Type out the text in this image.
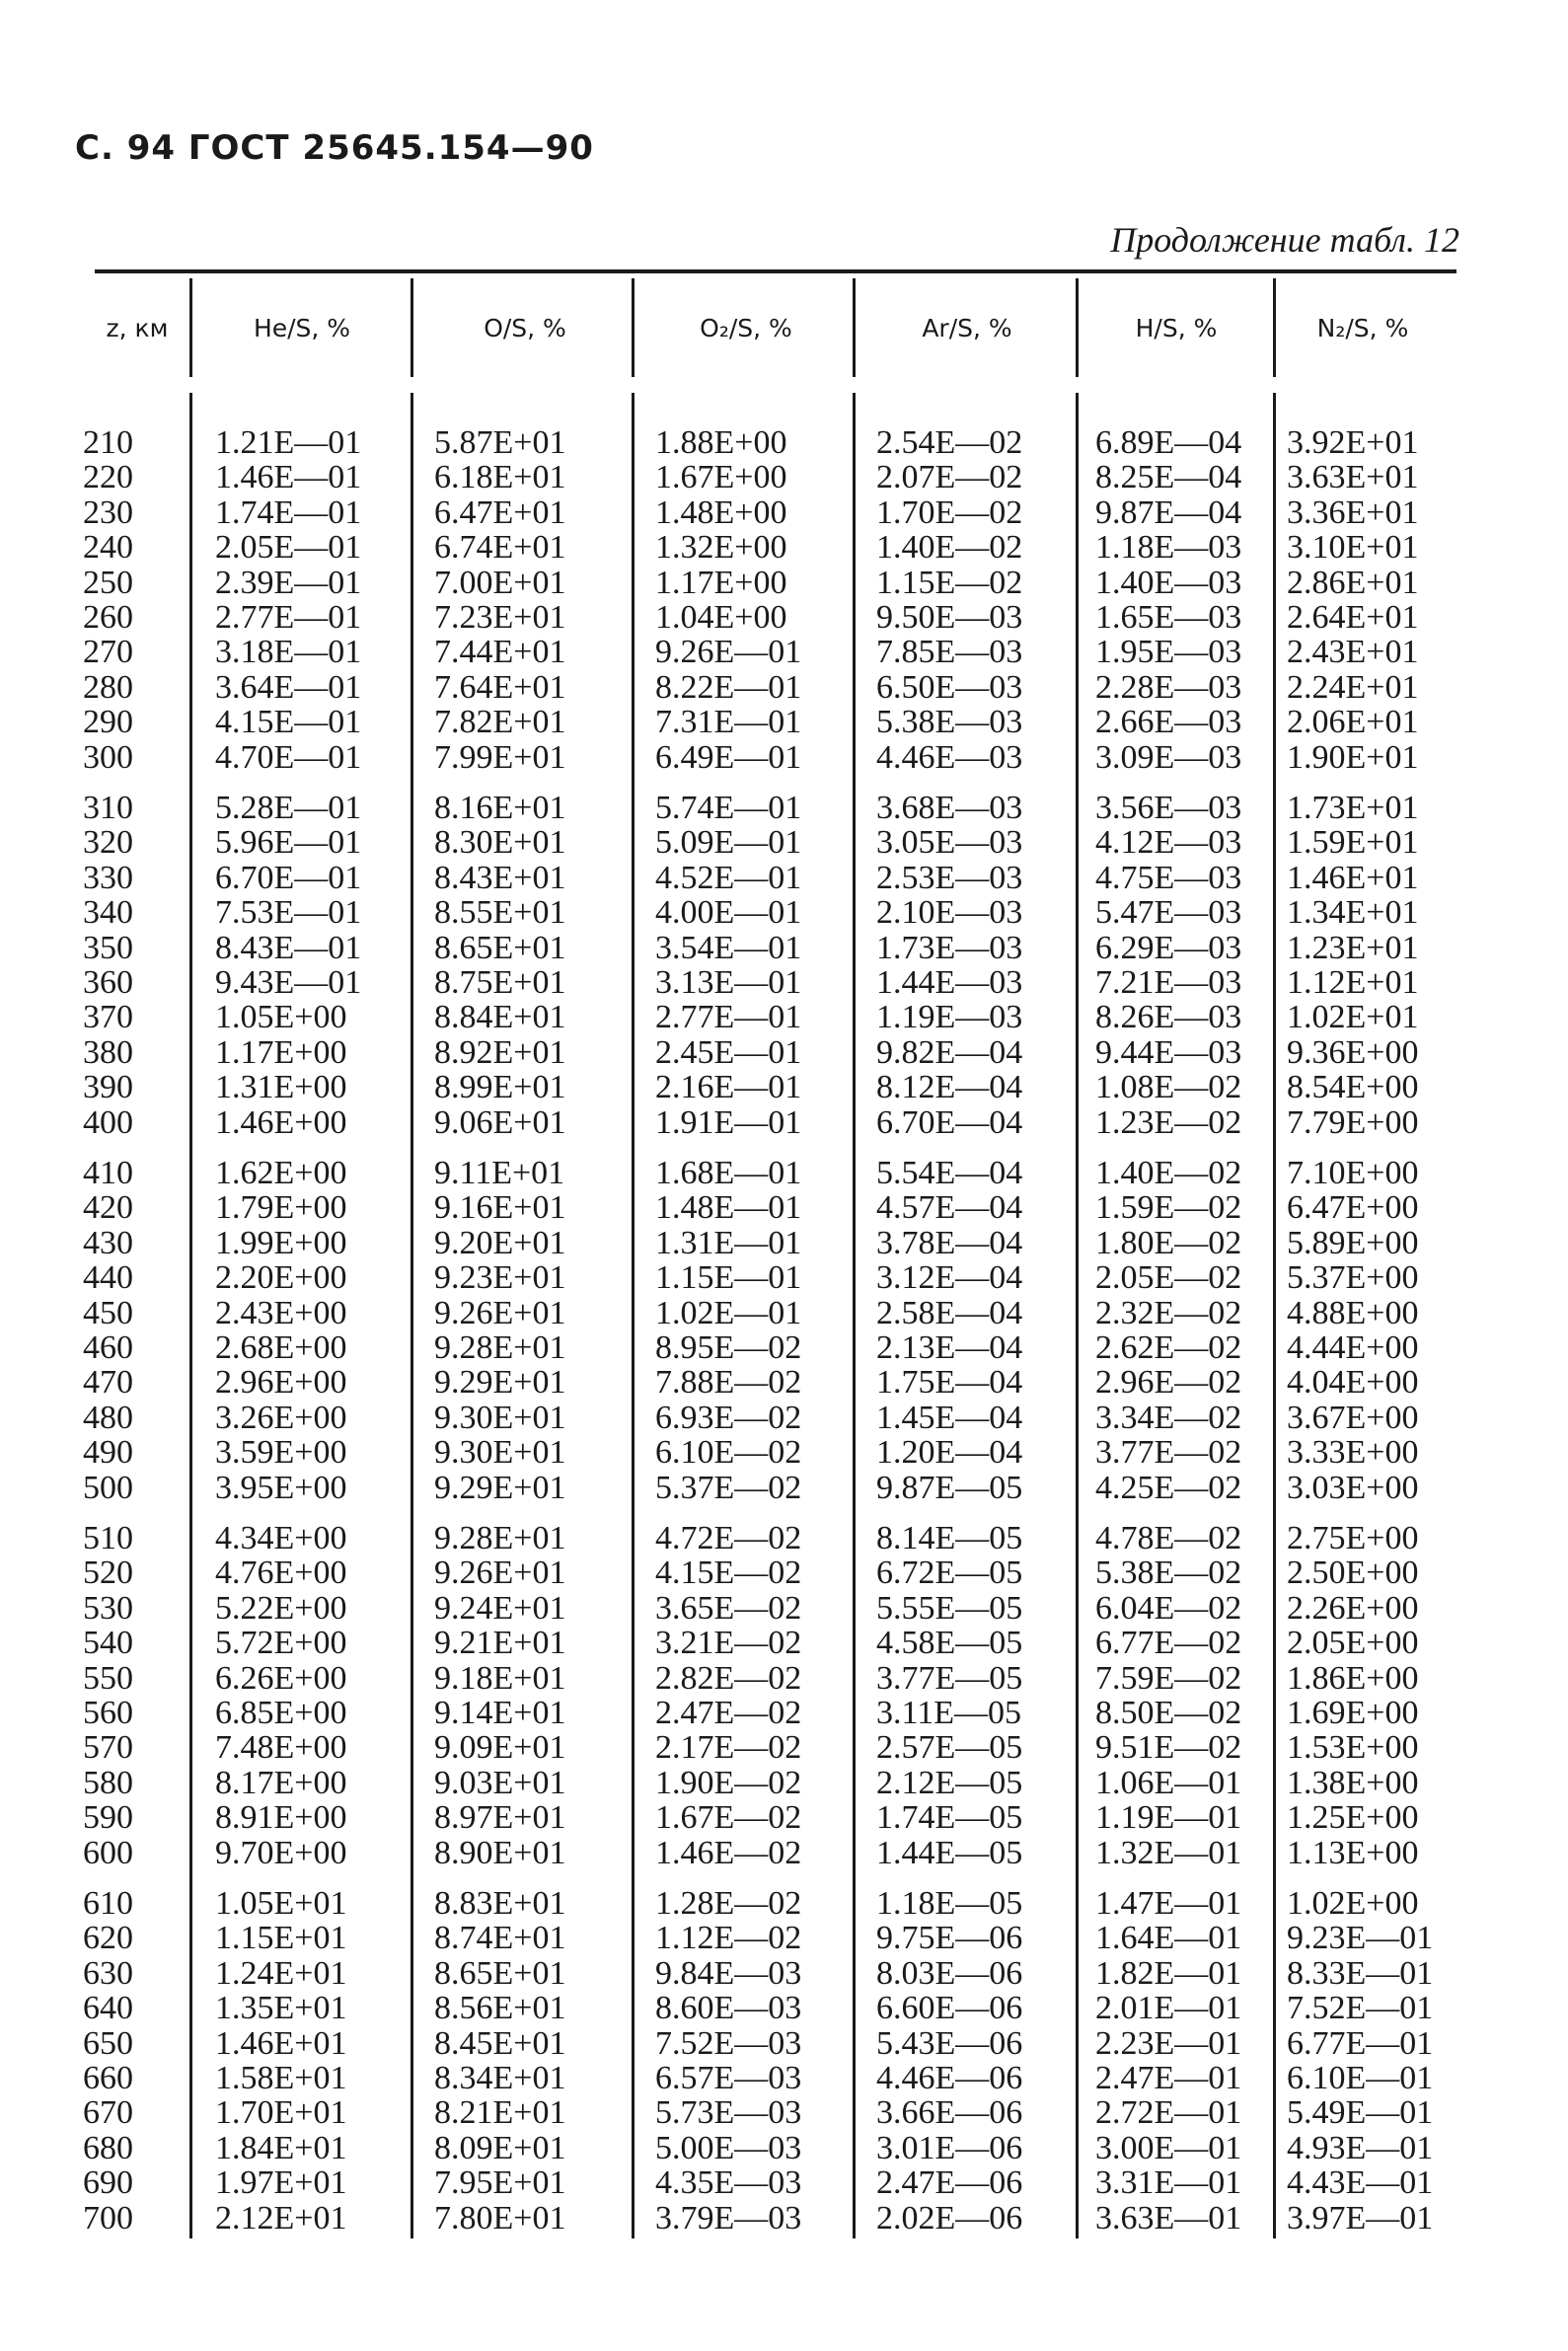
С. 94 ГОСТ 25645.154—90
Продолжение табл. 12
z, км	He/S, %	O/S, %	O₂/S, %	Ar/S, %	H/S, %	N₂/S, %
210 1.21E—01 5.87E+01	1.88E+00	2.54E—02 6.89E—04 3.92E+01
220 1.46E—01 6.18E+01	1.67E+00	2.07E—02 8.25E—04 3.63E+01
230 1.74E—01 6.47E+01	1.48E+00	1.70E—02 9.87E—04 3.36E+01
240 2.05E—01 6.74E+01	1.32E+00	1.40E—02 1.18E—03 3.10E+01
250 2.39E—01 7.00E+01	1.17E+00	1.15E—02 1.40E—03 2.86E+01
260 2.77E—01 7.23E+01	1.04E+00	9.50E—03 1.65E—03 2.64E+01
270 3.18E—01 7.44E+01	9.26E—01 7.85E—03 1.95E—03 2.43E+01
280 3.64E—01 7.64E+01	8.22E—01 6.50E—03 2.28E—03 2.24E+01
290 4.15E—01 7.82E+01	7.31E—01 5.38E—03 2.66E—03 2.06E+01
300 4.70E—01 7.99E+01	6.49E—01 4.46E—03 3.09E—03 1.90E+01
310 5.28E—01 8.16E+01	5.74E—01 3.68E—03 3.56E—03 1.73E+01
320 5.96E—01 8.30E+01	5.09E—01 3.05E—03 4.12E—03 1.59E+01
330 6.70E—01 8.43E+01	4.52E—01 2.53E—03 4.75E—03 1.46E+01
340 7.53E—01 8.55E+01	4.00E—01 2.10E—03 5.47E—03 1.34E+01
350 8.43E—01 8.65E+01	3.54E—01 1.73E—03 6.29E—03 1.23E+01
360 9.43E—01 8.75E+01	3.13E—01 1.44E—03 7.21E—03 1.12E+01
370 1.05E+00	8.84E+01	2.77E—01 1.19E—03 8.26E—03 1.02E+01
380 1.17E+00	8.92E+01	2.45E—01 9.82E—04 9.44E—03 9.36E+00
390 1.31E+00	8.99E+01	2.16E—01 8.12E—04 1.08E—02 8.54E+00
400 1.46E+00	9.06E+01	1.91E—01 6.70E—04 1.23E—02 7.79E+00
410 1.62E+00	9.11E+01	1.68E—01 5.54E—04 1.40E—02 7.10E+00
420 1.79E+00	9.16E+01	1.48E—01 4.57E—04 1.59E—02 6.47E+00
430 1.99E+00	9.20E+01	1.31E—01 3.78E—04 1.80E—02 5.89E+00
440 2.20E+00	9.23E+01	1.15E—01 3.12E—04 2.05E—02 5.37E+00
450 2.43E+00	9.26E+01	1.02E—01 2.58E—04 2.32E—02 4.88E+00
460 2.68E+00	9.28E+01	8.95E—02 2.13E—04 2.62E—02 4.44E+00
470 2.96E+00	9.29E+01	7.88E—02 1.75E—04 2.96E—02 4.04E+00
480 3.26E+00	9.30E+01	6.93E—02 1.45E—04 3.34E—02 3.67E+00
490 3.59E+00	9.30E+01	6.10E—02 1.20E—04 3.77E—02 3.33E+00
500 3.95E+00	9.29E+01	5.37E—02 9.87E—05 4.25E—02 3.03E+00
510 4.34E+00	9.28E+01	4.72E—02 8.14E—05 4.78E—02 2.75E+00
520 4.76E+00	9.26E+01	4.15E—02 6.72E—05 5.38E—02 2.50E+00
530 5.22E+00	9.24E+01	3.65E—02 5.55E—05 6.04E—02 2.26E+00
540 5.72E+00	9.21E+01	3.21E—02 4.58E—05 6.77E—02 2.05E+00
550 6.26E+00	9.18E+01	2.82E—02 3.77E—05 7.59E—02 1.86E+00
560 6.85E+00	9.14E+01	2.47E—02 3.11E—05 8.50E—02 1.69E+00
570 7.48E+00	9.09E+01	2.17E—02 2.57E—05 9.51E—02 1.53E+00
580 8.17E+00	9.03E+01	1.90E—02 2.12E—05 1.06E—01 1.38E+00
590 8.91E+00	8.97E+01	1.67E—02 1.74E—05 1.19E—01 1.25E+00
600 9.70E+00	8.90E+01	1.46E—02 1.44E—05 1.32E—01 1.13E+00
610 1.05E+01	8.83E+01	1.28E—02 1.18E—05 1.47E—01 1.02E+00
620 1.15E+01	8.74E+01	1.12E—02 9.75E—06 1.64E—01 9.23E—01
630 1.24E+01	8.65E+01	9.84E—03 8.03E—06 1.82E—01 8.33E—01
640 1.35E+01	8.56E+01	8.60E—03 6.60E—06 2.01E—01 7.52E—01
650 1.46E+01	8.45E+01	7.52E—03 5.43E—06 2.23E—01 6.77E—01
660 1.58E+01	8.34E+01	6.57E—03 4.46E—06 2.47E—01 6.10E—01
670 1.70E+01	8.21E+01	5.73E—03 3.66E—06 2.72E—01 5.49E—01
680 1.84E+01	8.09E+01	5.00E—03 3.01E—06 3.00E—01 4.93E—01
690 1.97E+01	7.95E+01	4.35E—03 2.47E—06 3.31E—01 4.43E—01
700 2.12E+01	7.80E+01	3.79E—03 2.02E—06 3.63E—01 3.97E—01
